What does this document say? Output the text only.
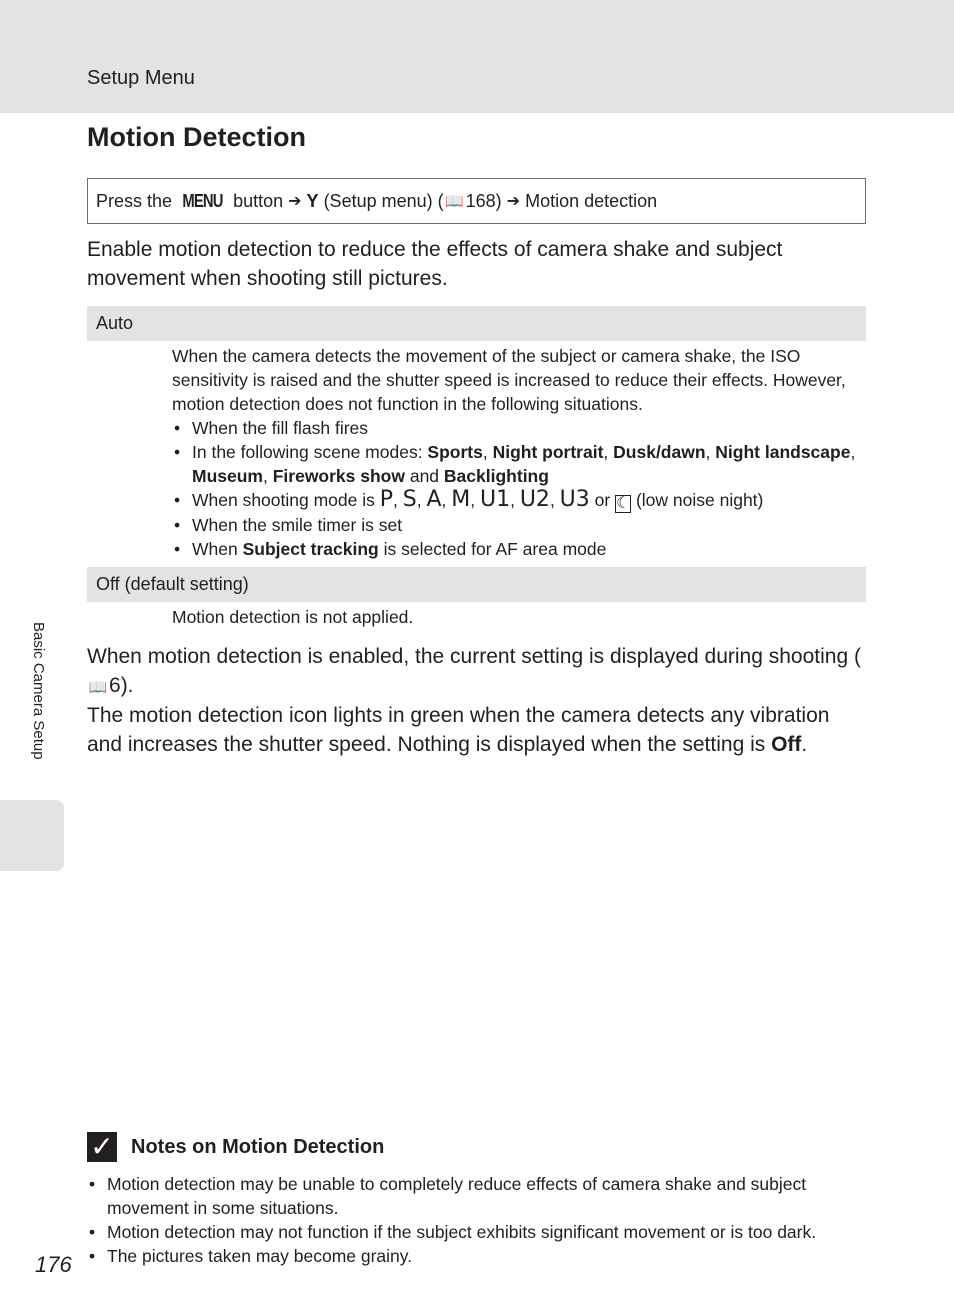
Setup Menu
Motion Detection
Press the
MENU
button ➔ Y
(Setup menu) ( 📖 168 ) ➔ Motion detection

Enable motion detection to reduce the effects of camera shake and subject movement when shooting still pictures.

Auto
When the camera detects the movement of the subject or camera shake, the ISO sensitivity is raised and the shutter speed is increased to reduce their effects. However, motion detection does not function in the following situations.
• When the fill flash fires
• In the following scene modes: Sports, Night portrait, Dusk/dawn, Night landscape, Museum, Fireworks show and Backlighting
• When shooting mode is P, S, A, M, U1, U2, U3 or ☾ (low noise night)
• When the smile timer is set
• When Subject tracking is selected for AF area mode
Off (default setting)
Motion detection is not applied.

When motion detection is enabled, the current setting is displayed during shooting (📖6).

The motion detection icon lights in green when the camera detects any vibration and increases the shutter speed. Nothing is displayed when the setting is Off.

Basic Camera Setup
✓ Notes on Motion Detection
• Motion detection may be unable to completely reduce effects of camera shake and subject movement in some situations.
• Motion detection may not function if the subject exhibits significant movement or is too dark.
• The pictures taken may become grainy.
176
